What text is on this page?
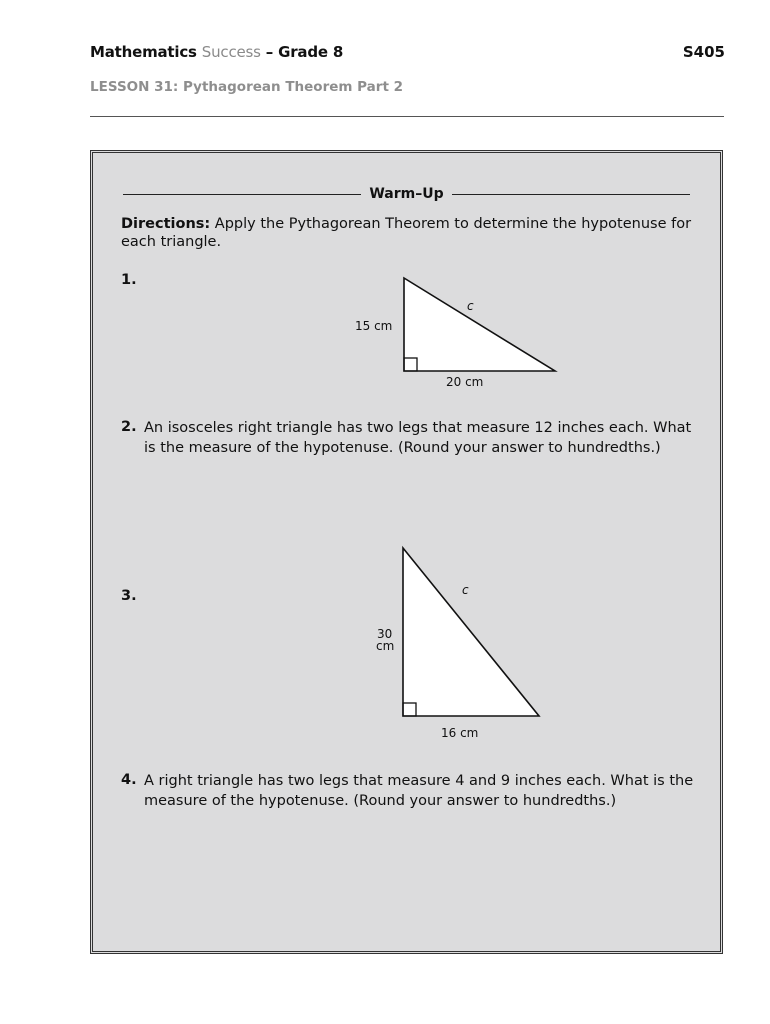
Mathematics Success – Grade 8	S405
LESSON 31: Pythagorean Theorem Part 2
Warm–Up
Directions: Apply the Pythagorean Theorem to determine the hypotenuse for each triangle.
1.
15 cm
20 cm
c
2. An isosceles right triangle has two legs that measure 12 inches each. What is the measure of the hypotenuse. (Round your answer to hundredths.)
3.
30
cm
16 cm
c
4. A right triangle has two legs that measure 4 and 9 inches each. What is the measure of the hypotenuse. (Round your answer to hundredths.)
